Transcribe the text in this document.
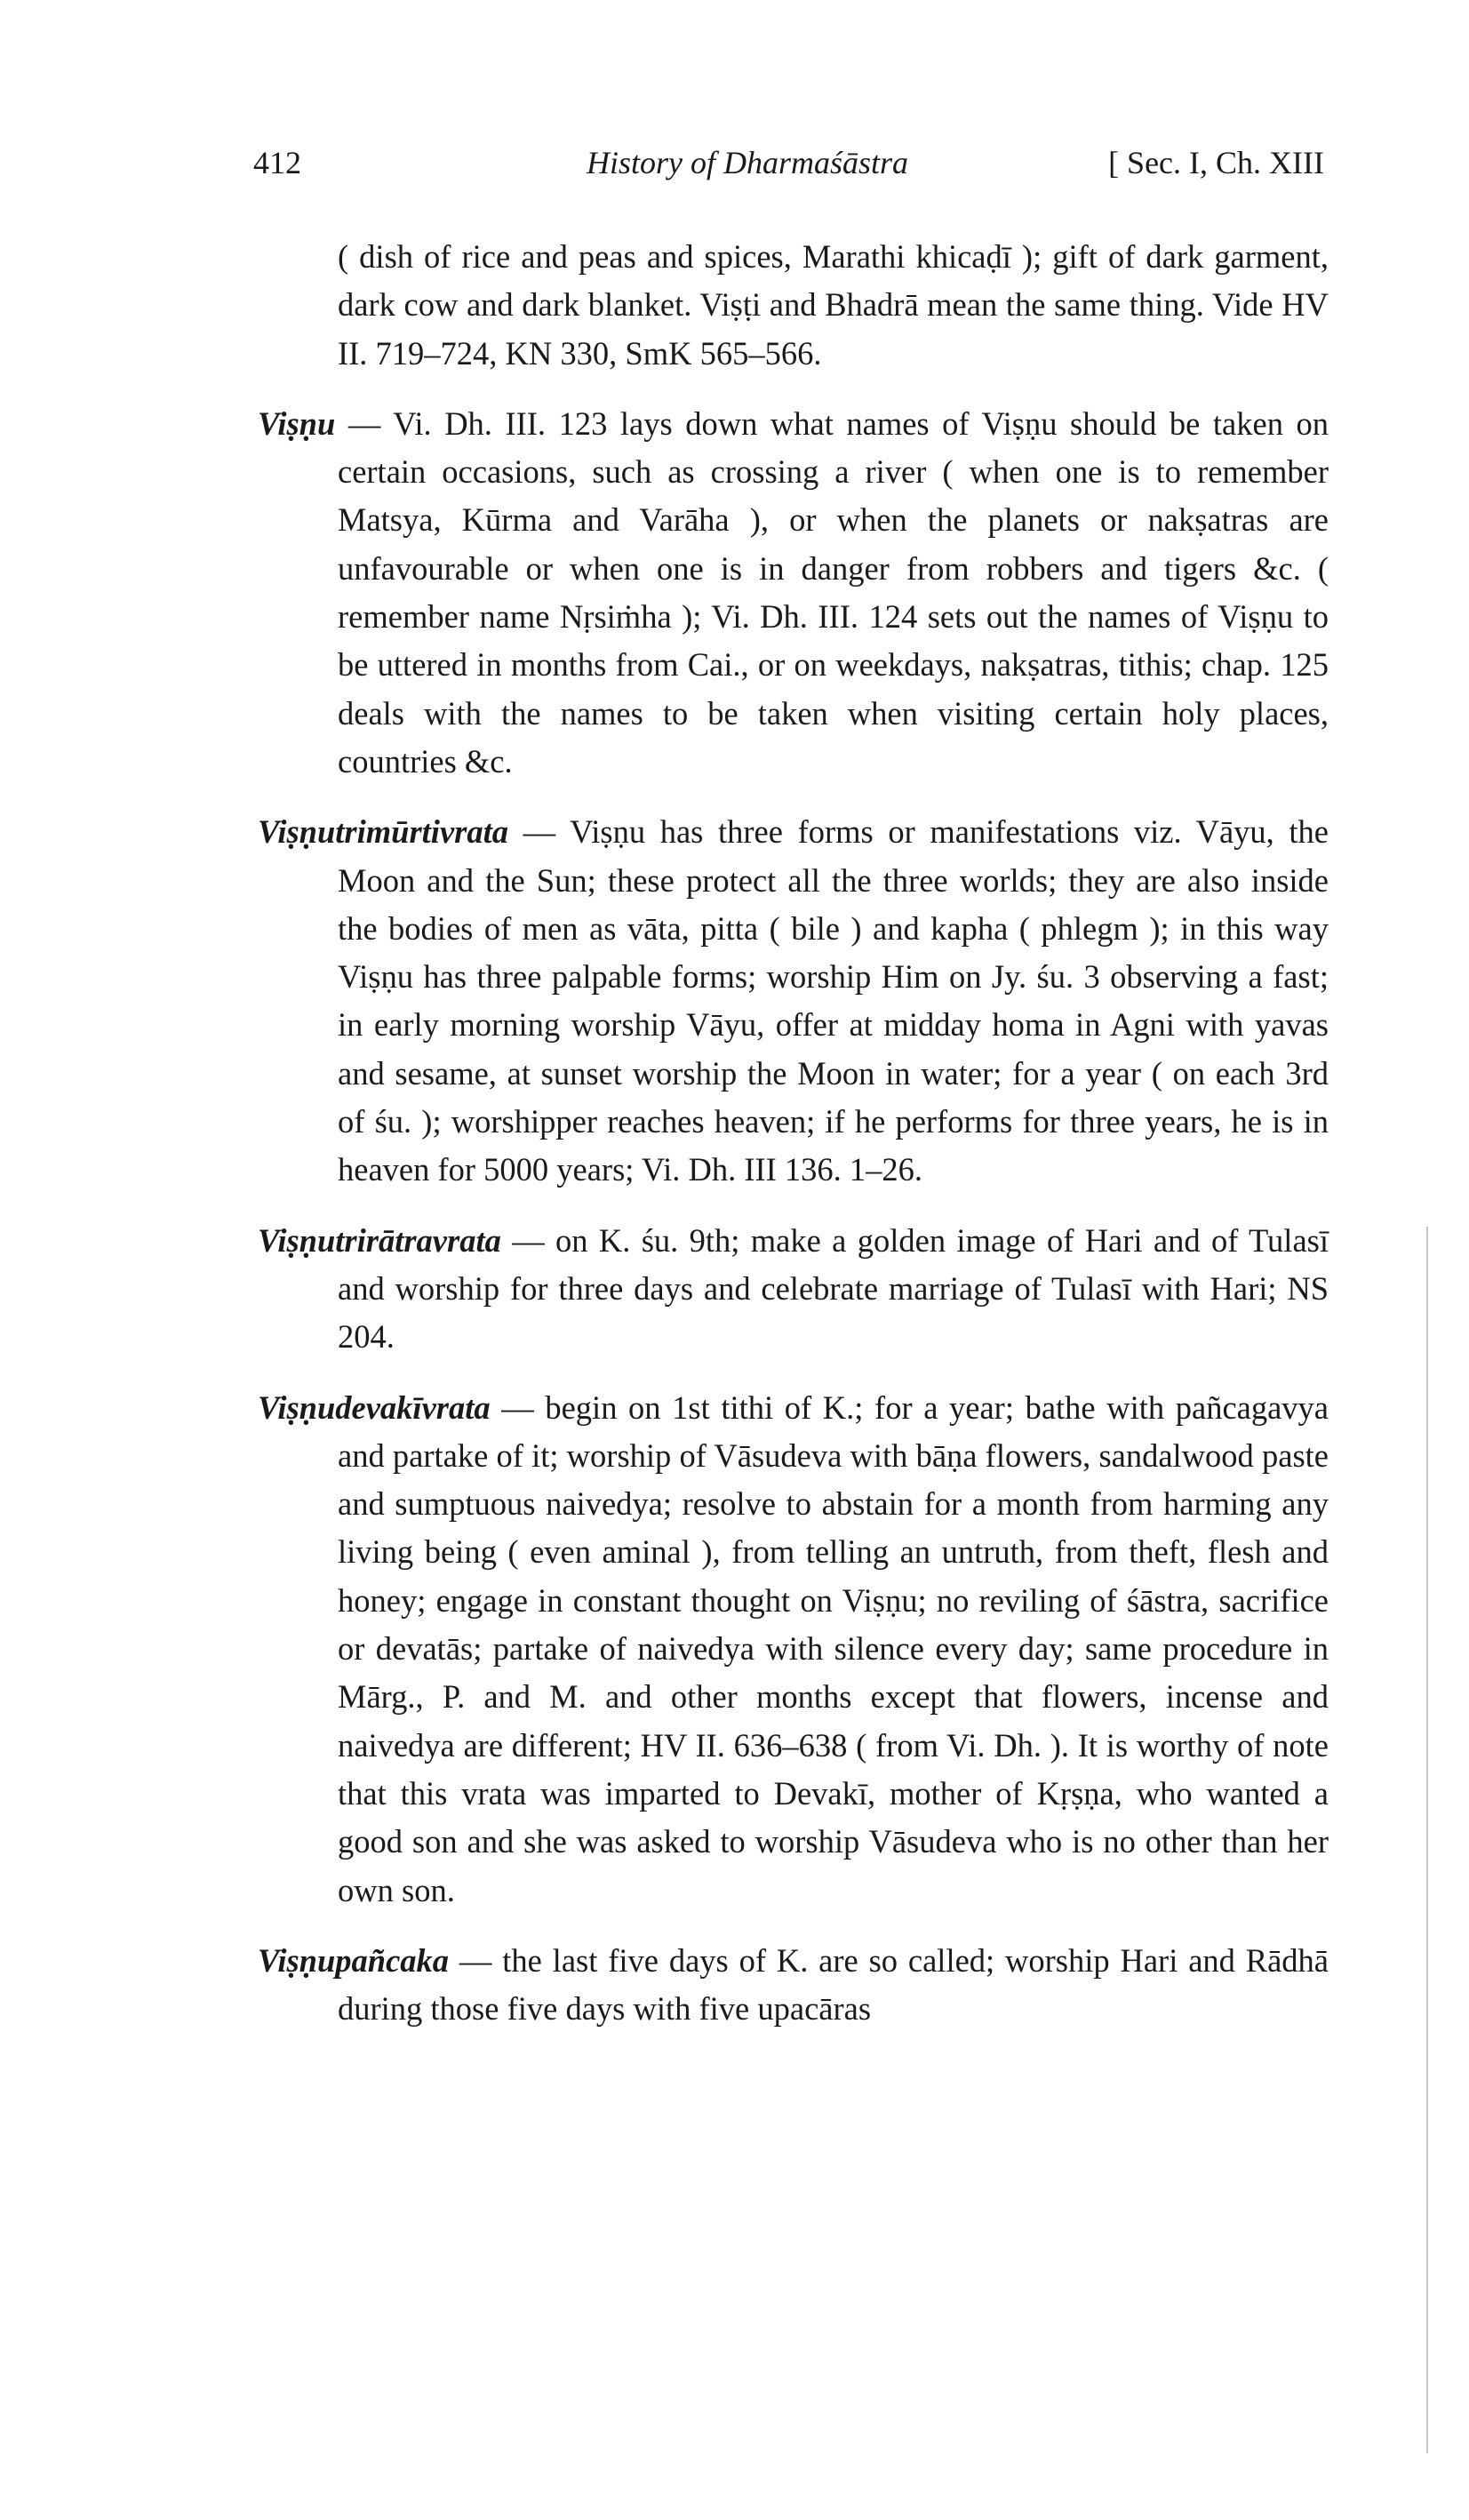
412	History of Dharmaśāstra	[ Sec. I, Ch. XIII

( dish of rice and peas and spices, Marathi khicaḍī ); gift of dark garment, dark cow and dark blanket. Viṣṭi and Bhadrā mean the same thing. Vide HV II. 719–724, KN 330, SmK 565–566.

Viṣṇu — Vi. Dh. III. 123 lays down what names of Viṣṇu should be taken on certain occasions, such as crossing a river ( when one is to remember Matsya, Kūrma and Varāha ), or when the planets or nakṣatras are unfavourable or when one is in danger from robbers and tigers &c. ( remember name Nṛsiṁha ); Vi. Dh. III. 124 sets out the names of Viṣṇu to be uttered in months from Cai., or on weekdays, nakṣatras, tithis; chap. 125 deals with the names to be taken when visiting certain holy places, countries &c.

Viṣṇutrimūrtivrata — Viṣṇu has three forms or manifestations viz. Vāyu, the Moon and the Sun; these protect all the three worlds; they are also inside the bodies of men as vāta, pitta ( bile ) and kapha ( phlegm ); in this way Viṣṇu has three palpable forms; worship Him on Jy. śu. 3 observing a fast; in early morning worship Vāyu, offer at midday homa in Agni with yavas and sesame, at sunset worship the Moon in water; for a year ( on each 3rd of śu. ); worshipper reaches heaven; if he performs for three years, he is in heaven for 5000 years; Vi. Dh. III 136. 1–26.

Viṣṇutrirātravrata — on K. śu. 9th; make a golden image of Hari and of Tulasī and worship for three days and celebrate marriage of Tulasī with Hari; NS 204.

Viṣṇudevakīvrata — begin on 1st tithi of K.; for a year; bathe with pañcagavya and partake of it; worship of Vāsudeva with bāṇa flowers, sandalwood paste and sumptuous naivedya; resolve to abstain for a month from harming any living being ( even aminal ), from telling an untruth, from theft, flesh and honey; engage in constant thought on Viṣṇu; no reviling of śāstra, sacrifice or devatās; partake of naivedya with silence every day; same procedure in Mārg., P. and M. and other months except that flowers, incense and naivedya are different; HV II. 636–638 ( from Vi. Dh. ). It is worthy of note that this vrata was imparted to Devakī, mother of Kṛṣṇa, who wanted a good son and she was asked to worship Vāsudeva who is no other than her own son.

Viṣṇupañcaka — the last five days of K. are so called; worship Hari and Rādhā during those five days with five upacāras
